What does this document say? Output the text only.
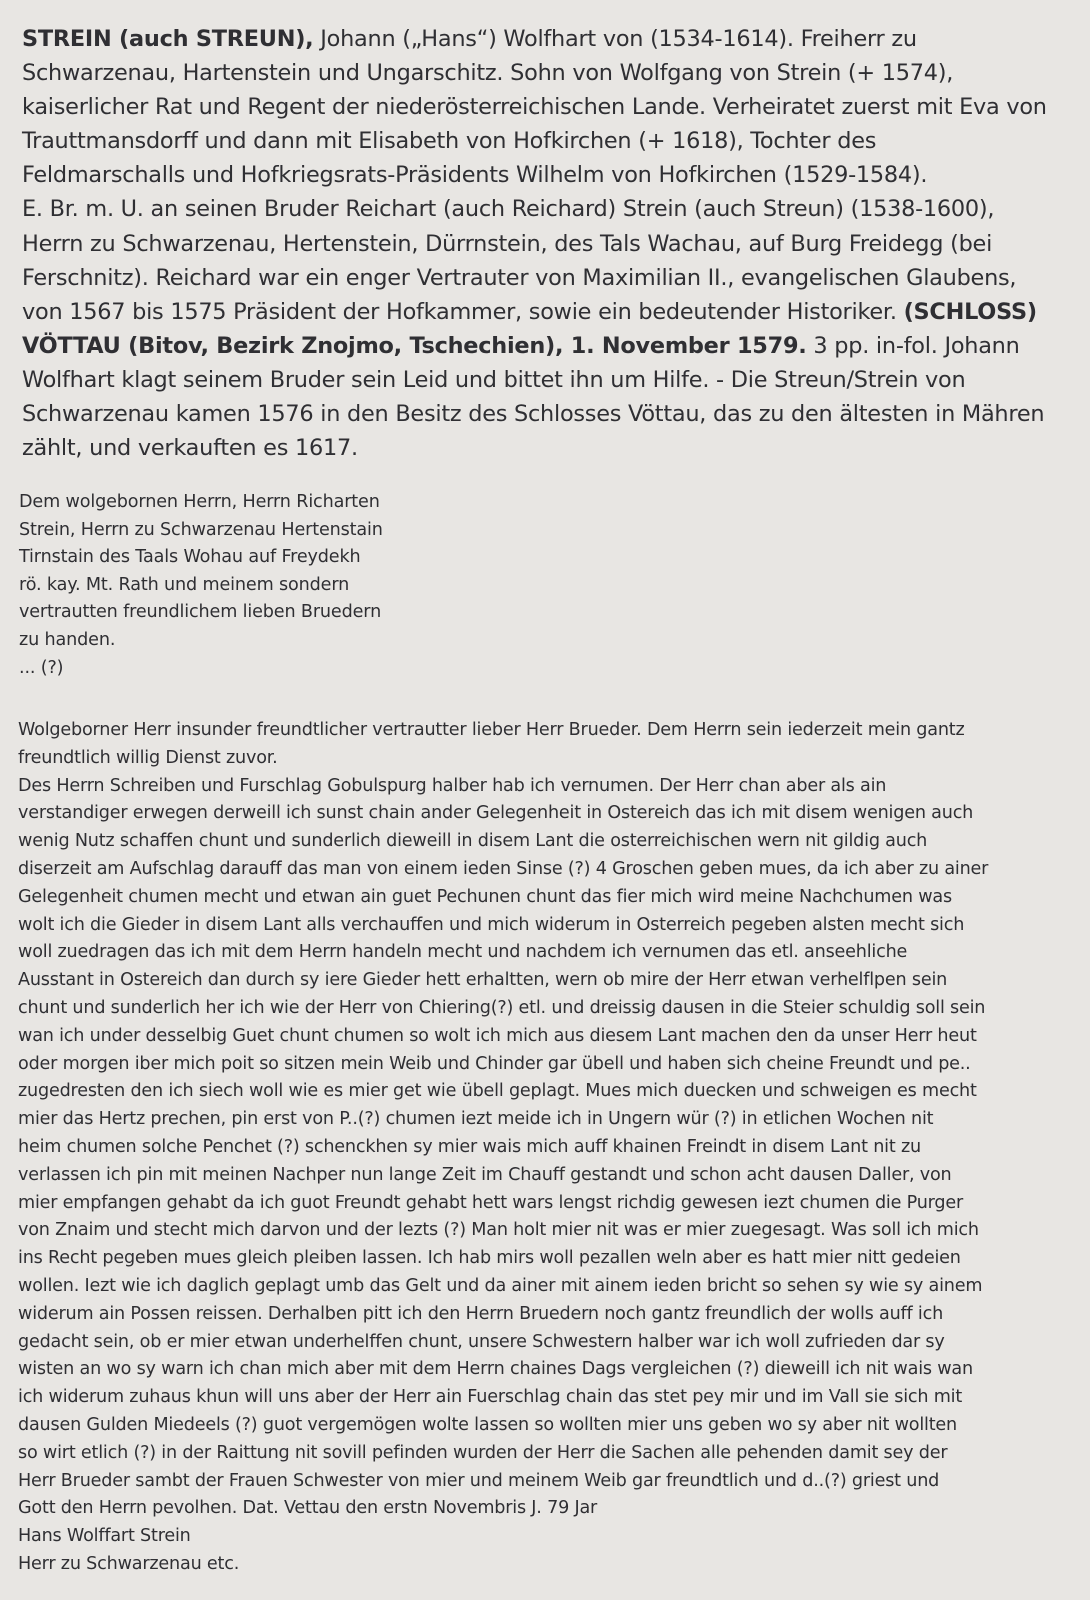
STREIN (auch STREUN), Johann („Hans“) Wolfhart von (1534-1614). Freiherr zu
Schwarzenau, Hartenstein und Ungarschitz. Sohn von Wolfgang von Strein (+ 1574),
kaiserlicher Rat und Regent der niederösterreichischen Lande. Verheiratet zuerst mit Eva von
Trauttmansdorff und dann mit Elisabeth von Hofkirchen (+ 1618), Tochter des
Feldmarschalls und Hofkriegsrats-Präsidents Wilhelm von Hofkirchen (1529-1584).
E. Br. m. U. an seinen Bruder Reichart (auch Reichard) Strein (auch Streun) (1538-1600),
Herrn zu Schwarzenau, Hertenstein, Dürrnstein, des Tals Wachau, auf Burg Freidegg (bei
Ferschnitz). Reichard war ein enger Vertrauter von Maximilian II., evangelischen Glaubens,
von 1567 bis 1575 Präsident der Hofkammer, sowie ein bedeutender Historiker. (SCHLOSS)
VÖTTAU (Bitov, Bezirk Znojmo, Tschechien), 1. November 1579. 3 pp. in-fol. Johann
Wolfhart klagt seinem Bruder sein Leid und bittet ihn um Hilfe. - Die Streun/Strein von
Schwarzenau kamen 1576 in den Besitz des Schlosses Vöttau, das zu den ältesten in Mähren
zählt, und verkauften es 1617.
Dem wolgebornen Herrn, Herrn Richarten
Strein, Herrn zu Schwarzenau Hertenstain
Tirnstain des Taals Wohau auf Freydekh
rö. kay. Mt. Rath und meinem sondern
vertrautten freundlichem lieben Bruedern
zu handen.
... (?)
Wolgeborner Herr insunder freundtlicher vertrautter lieber Herr Brueder. Dem Herrn sein iederzeit mein gantz
freundtlich willig Dienst zuvor.
Des Herrn Schreiben und Furschlag Gobulspurg halber hab ich vernumen. Der Herr chan aber als ain
verstandiger erwegen derweill ich sunst chain ander Gelegenheit in Ostereich das ich mit disem wenigen auch
wenig Nutz schaffen chunt und sunderlich dieweill in disem Lant die osterreichischen wern nit gildig auch
diserzeit am Aufschlag darauff das man von einem ieden Sinse (?) 4 Groschen geben mues, da ich aber zu ainer
Gelegenheit chumen mecht und etwan ain guet Pechunen chunt das fier mich wird meine Nachchumen was
wolt ich die Gieder in disem Lant alls verchauffen und mich widerum in Osterreich pegeben alsten mecht sich
woll zuedragen das ich mit dem Herrn handeln mecht und nachdem ich vernumen das etl. anseehliche
Ausstant in Ostereich dan durch sy iere Gieder hett erhaltten, wern ob mire der Herr etwan verhelflpen sein
chunt und sunderlich her ich wie der Herr von Chiering(?) etl. und dreissig dausen in die Steier schuldig soll sein
wan ich under desselbig Guet chunt chumen so wolt ich mich aus diesem Lant machen den da unser Herr heut
oder morgen iber mich poit so sitzen mein Weib und Chinder gar übell und haben sich cheine Freundt und pe..
zugedresten den ich siech woll wie es mier get wie übell geplagt. Mues mich duecken und schweigen es mecht
mier das Hertz prechen, pin erst von P..(?) chumen iezt meide ich in Ungern wür (?) in etlichen Wochen nit
heim chumen solche Penchet (?) schenckhen sy mier wais mich auff khainen Freindt in disem Lant nit zu
verlassen ich pin mit meinen Nachper nun lange Zeit im Chauff gestandt und schon acht dausen Daller, von
mier empfangen gehabt da ich guot Freundt gehabt hett wars lengst richdig gewesen iezt chumen die Purger
von Znaim und stecht mich darvon und der lezts (?) Man holt mier nit was er mier zuegesagt. Was soll ich mich
ins Recht pegeben mues gleich pleiben lassen. Ich hab mirs woll pezallen weln aber es hatt mier nitt gedeien
wollen. Iezt wie ich daglich geplagt umb das Gelt und da ainer mit ainem ieden bricht so sehen sy wie sy ainem
widerum ain Possen reissen. Derhalben pitt ich den Herrn Bruedern noch gantz freundlich der wolls auff ich
gedacht sein, ob er mier etwan underhelffen chunt, unsere Schwestern halber war ich woll zufrieden dar sy
wisten an wo sy warn ich chan mich aber mit dem Herrn chaines Dags vergleichen (?) dieweill ich nit wais wan
ich widerum zuhaus khun will uns aber der Herr ain Fuerschlag chain das stet pey mir und im Vall sie sich mit
dausen Gulden Miedeels (?) guot vergemögen wolte lassen so wollten mier uns geben wo sy aber nit wollten
so wirt etlich (?) in der Raittung nit sovill pefinden wurden der Herr die Sachen alle pehenden damit sey der
Herr Brueder sambt der Frauen Schwester von mier und meinem Weib gar freundtlich und d..(?) griest und
Gott den Herrn pevolhen. Dat. Vettau den erstn Novembris J. 79 Jar
Hans Wolffart Strein
Herr zu Schwarzenau etc.
